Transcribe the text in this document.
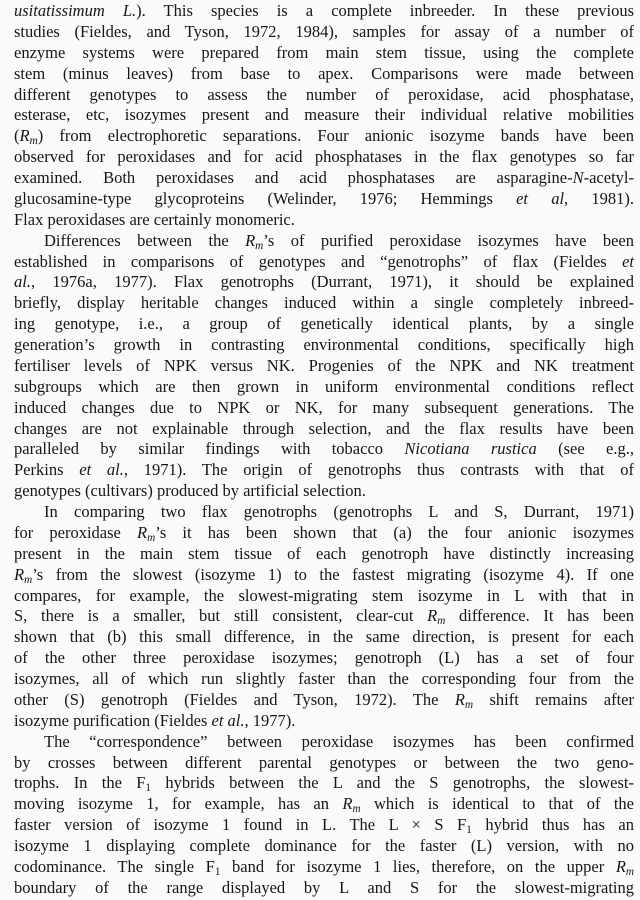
usitatissimum L.). This species is a complete inbreeder. In these previous
studies (Fieldes, and Tyson, 1972, 1984), samples for assay of a number of
enzyme systems were prepared from main stem tissue, using the complete
stem (minus leaves) from base to apex. Comparisons were made between
different genotypes to assess the number of peroxidase, acid phosphatase,
esterase, etc, isozymes present and measure their individual relative mobilities
$(R_m)$ from electrophoretic separations. Four anionic isozyme bands have been
observed for peroxidases and for acid phosphatases in the flax genotypes so far
examined. Both peroxidases and acid phosphatases are asparagine-N-acetyl-
glucosamine-type glycoproteins (Welinder, 1976; Hemmings et al, 1981).
Flax peroxidases are certainly monomeric.
Differences between the $R_m’s$ of purified peroxidase isozymes have been
established in comparisons of genotypes and “genotrophs” of flax (Fieldes et
al., 1976a, 1977). Flax genotrophs (Durrant, 1971), it should be explained
briefly, display heritable changes induced within a single completely inbreed-
ing genotype, i.e., a group of genetically identical plants, by a single
generation’s growth in contrasting environmental conditions, specifically high
fertiliser levels of NPK versus NK. Progenies of the NPK and NK treatment
subgroups which are then grown in uniform environmental conditions reflect
induced changes due to NPK or NK, for many subsequent generations. The
changes are not explainable through selection, and the flax results have been
paralleled by similar findings with tobacco Nicotiana rustica (see e.g.,
Perkins et al., 1971). The origin of genotrophs thus contrasts with that of
genotypes (cultivars) produced by artificial selection.
In comparing two flax genotrophs (genotrophs L and S, Durrant, 1971)
for peroxidase $R_m’s$ it has been shown that (a) the four anionic isozymes
present in the main stem tissue of each genotroph have distinctly increasing
$R_m’s$ from the slowest (isozyme 1) to the fastest migrating (isozyme 4). If one
compares, for example, the slowest-migrating stem isozyme in L with that in
S, there is a smaller, but still consistent, clear-cut $R_m$ difference. It has been
shown that (b) this small difference, in the same direction, is present for each
of the other three peroxidase isozymes; genotroph (L) has a set of four
isozymes, all of which run slightly faster than the corresponding four from the
other (S) genotroph (Fieldes and Tyson, 1972). The $R_m$ shift remains after
isozyme purification (Fieldes et al., 1977).
The “correspondence” between peroxidase isozymes has been confirmed
by crosses between different parental genotypes or between the two geno-
trophs. In the $F_1$ hybrids between the L and the S genotrophs, the slowest-
moving isozyme 1, for example, has an $R_m$ which is identical to that of the
faster version of isozyme 1 found in L. The L × S $F_1$ hybrid thus has an
isozyme 1 displaying complete dominance for the faster (L) version, with no
codominance. The single $F_1$ band for isozyme 1 lies, therefore, on the upper $R_m$
boundary of the range displayed by L and S for the slowest-migrating
